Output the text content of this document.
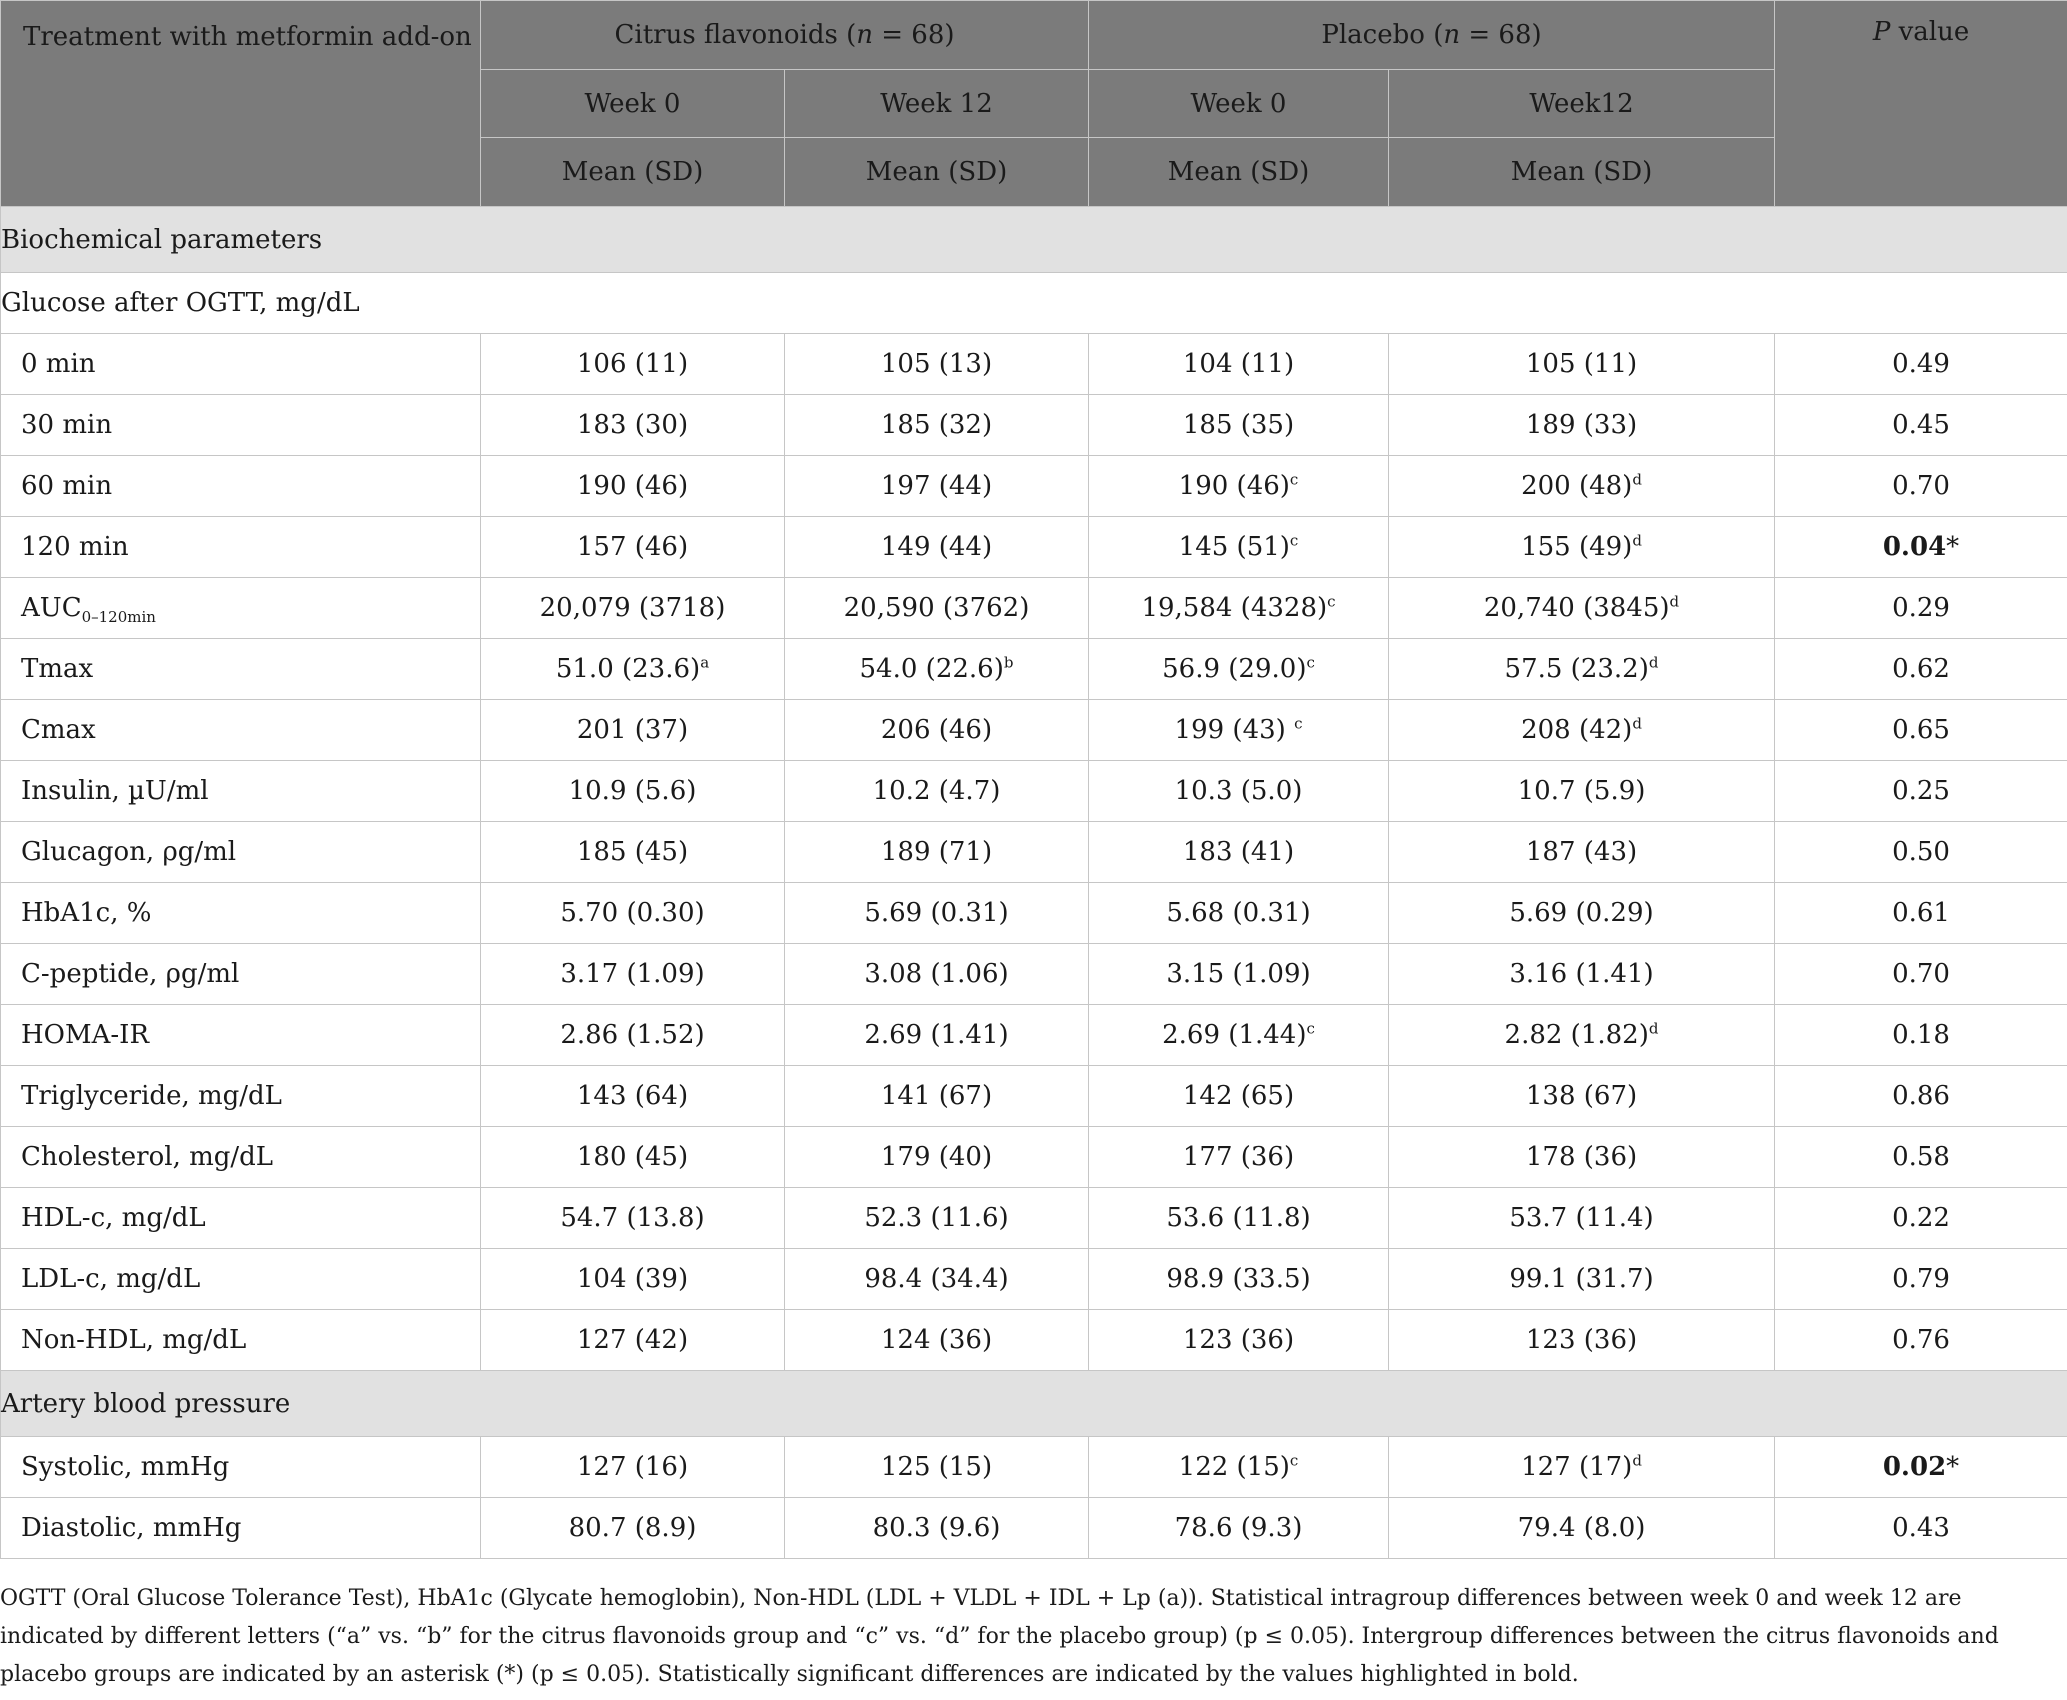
Treatment with metformin add-on	Citrus flavonoids (n = 68)		Placebo (n = 68)		P value
	Week 0	Week 12	Week 0	Week12	
	Mean (SD)	Mean (SD)	Mean (SD)	Mean (SD)	
Biochemical parameters					
Glucose after OGTT, mg/dL					
0 min	106 (11)	105 (13)	104 (11)	105 (11)	0.49
30 min	183 (30)	185 (32)	185 (35)	189 (33)	0.45
60 min	190 (46)	197 (44)	190 $(46)^c$	200 $(48)^d$	0.70
120 min	157 (46)	149 (44)	145 $(51)^c$	155 $(49)^d$	0.04*
$AUC_{0-120min}$	20,079 (3718)	20,590 (3762)	19,584 $(4328)^c$	20,740 $(3845)^d$	0.29
Tmax	51.0 $(23.6)^a$	54.0 $(22.6)^b$	56.9 $(29.0)^c$	57.5 $(23.2)^d$	0.62
Cmax	201 (37)	206 (46)	199 (43) $^c$	208 $(42)^d$	0.65
Insulin, µU/ml	10.9 (5.6)	10.2 (4.7)	10.3 (5.0)	10.7 (5.9)	0.25
Glucagon, ρg/ml	185 (45)	189 (71)	183 (41)	187 (43)	0.50
HbA1c, %	5.70 (0.30)	5.69 (0.31)	5.68 (0.31)	5.69 (0.29)	0.61
C-peptide, ρg/ml	3.17 (1.09)	3.08 (1.06)	3.15 (1.09)	3.16 (1.41)	0.70
HOMA-IR	2.86 (1.52)	2.69 (1.41)	2.69 $(1.44)^c$	2.82 $(1.82)^d$	0.18
Triglyceride, mg/dL	143 (64)	141 (67)	142 (65)	138 (67)	0.86
Cholesterol, mg/dL	180 (45)	179 (40)	177 (36)	178 (36)	0.58
HDL-c, mg/dL	54.7 (13.8)	52.3 (11.6)	53.6 (11.8)	53.7 (11.4)	0.22
LDL-c, mg/dL	104 (39)	98.4 (34.4)	98.9 (33.5)	99.1 (31.7)	0.79
Non-HDL, mg/dL	127 (42)	124 (36)	123 (36)	123 (36)	0.76
Artery blood pressure					
Systolic, mmHg	127 (16)	125 (15)	122 $(15)^c$	127 $(17)^d$	0.02*
Diastolic, mmHg	80.7 (8.9)	80.3 (9.6)	78.6 (9.3)	79.4 (8.0)	0.43
OGTT (Oral Glucose Tolerance Test), HbA1c (Glycate hemoglobin), Non-HDL (LDL + VLDL + IDL + Lp (a)). Statistical intragroup differences between week 0 and week 12 are indicated by different letters (“a” vs. “b” for the citrus flavonoids group and “c” vs. “d” for the placebo group) (p ≤ 0.05). Intergroup differences between the citrus flavonoids and placebo groups are indicated by an asterisk (*) (p ≤ 0.05). Statistically significant differences are indicated by the values highlighted in bold.
